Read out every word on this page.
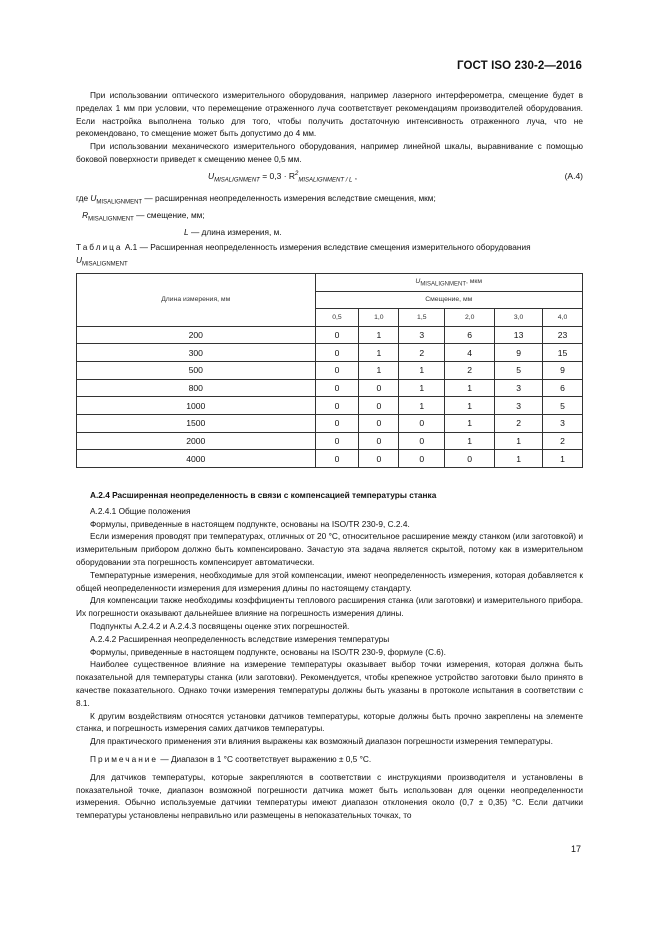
ГОСТ ISO 230-2—2016

При использовании оптического измерительного оборудования, например лазерного интерферометра, смещение будет в пределах 1 мм при условии, что перемещение отраженного луча соответствует рекомендациям производителей оборудования. Если настройка выполнена только для того, чтобы получить достаточную интенсивность отраженного луча, что не рекомендовано, то смещение может быть допустимо до 4 мм.

При использовании механического измерительного оборудования, например линейной шкалы, выравнивание с помощью боковой поверхности приведет к смещению менее 0,5 мм.

$U_{MISALIGNMENT} = 0,3 \cdot R^2_{MISALIGNMENT / L}$ ,	(A.4)
где $U_{MISALIGNMENT}$ — расширенная неопределенность измерения вследствие смещения, мкм;
$R_{MISALIGNMENT}$ — смещение, мм;
L — длина измерения, м.
Таблица A.1 — Расширенная неопределенность измерения вследствие смещения измерительного оборудования $U_{MISALIGNMENT}$
Длина измерения, мм	$U_{MISALIGNMENT}$, мкм					
	Смещение, мм					
	0,5	1,0	1,5	2,0	3,0	4,0
200	0	1	3	6	13	23
300	0	1	2	4	9	15
500	0	1	1	2	5	9
800	0	0	1	1	3	6
1000	0	0	1	1	3	5
1500	0	0	0	1	2	3
2000	0	0	0	1	1	2
4000	0	0	0	0	1	1

A.2.4 Расширенная неопределенность в связи с компенсацией температуры станка

A.2.4.1 Общие положения

Формулы, приведенные в настоящем подпункте, основаны на ISO/TR 230-9, С.2.4.

Если измерения проводят при температурах, отличных от 20 °С, относительное расширение между станком (или заготовкой) и измерительным прибором должно быть компенсировано. Зачастую эта задача является скрытой, потому как в измерительном оборудовании эта погрешность компенсирует автоматически.

Температурные измерения, необходимые для этой компенсации, имеют неопределенность измерения, которая добавляется к общей неопределенности измерения для измерения длины по настоящему стандарту.

Для компенсации также необходимы коэффициенты теплового расширения станка (или заготовки) и измерительного прибора. Их погрешности оказывают дальнейшее влияние на погрешность измерения длины.

Подпункты A.2.4.2 и A.2.4.3 посвящены оценке этих погрешностей.

A.2.4.2 Расширенная неопределенность вследствие измерения температуры

Формулы, приведенные в настоящем подпункте, основаны на ISO/TR 230-9, формуле (С.6).

Наиболее существенное влияние на измерение температуры оказывает выбор точки измерения, которая должна быть показательной для температуры станка (или заготовки). Рекомендуется, чтобы крепежное устройство заготовки было принято в качестве показательного. Однако точки измерения температуры должны быть указаны в протоколе испытания в соответствии с 8.1.

К другим воздействиям относятся установки датчиков температуры, которые должны быть прочно закреплены на элементе станка, и погрешность измерения самих датчиков температуры.

Для практического применения эти влияния выражены как возможный диапазон погрешности измерения температуры.

Примечание — Диапазон в 1 °С соответствует выражению ± 0,5 °С.

Для датчиков температуры, которые закрепляются в соответствии с инструкциями производителя и установлены в показательной точке, диапазон возможной погрешности датчика может быть использован для оценки неопределенности измерения. Обычно используемые датчики температуры имеют диапазон отклонения около (0,7 ± 0,35) °С. Если датчики температуры установлены неправильно или размещены в непоказательных точках, то

17
